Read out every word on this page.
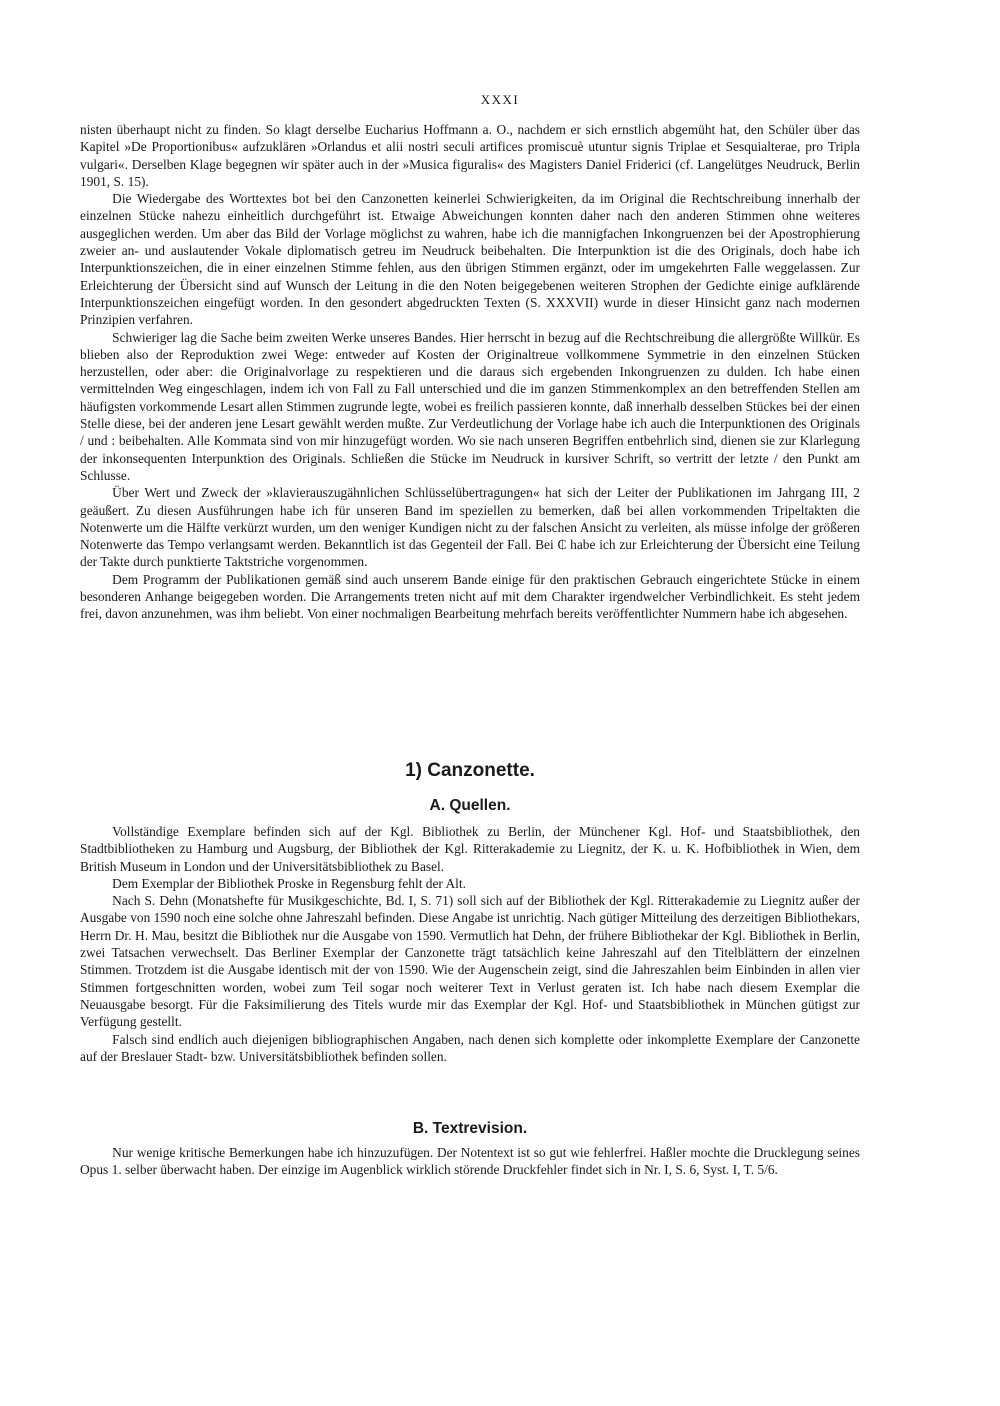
XXXI

nisten überhaupt nicht zu finden. So klagt derselbe Eucharius Hoffmann a. O., nachdem er sich ernstlich abgemüht hat, den Schüler über das Kapitel »De Proportionibus« aufzuklären »Orlandus et alii nostri seculi artifices promiscuè utuntur signis Triplae et Sesquialterae, pro Tripla vulgari«. Derselben Klage begegnen wir später auch in der »Musica figuralis« des Magisters Daniel Friderici (cf. Langelütges Neudruck, Berlin 1901, S. 15).

Die Wiedergabe des Worttextes bot bei den Canzonetten keinerlei Schwierigkeiten, da im Original die Rechtschreibung innerhalb der einzelnen Stücke nahezu einheitlich durchgeführt ist. Etwaige Abweichungen konnten daher nach den anderen Stimmen ohne weiteres ausgeglichen werden. Um aber das Bild der Vorlage möglichst zu wahren, habe ich die mannigfachen Inkongruenzen bei der Apostrophierung zweier an- und auslautender Vokale diplomatisch getreu im Neudruck beibehalten. Die Interpunktion ist die des Originals, doch habe ich Interpunktionszeichen, die in einer einzelnen Stimme fehlen, aus den übrigen Stimmen ergänzt, oder im umgekehrten Falle weggelassen. Zur Erleichterung der Übersicht sind auf Wunsch der Leitung in die den Noten beigegebenen weiteren Strophen der Gedichte einige aufklärende Interpunktionszeichen eingefügt worden. In den gesondert abgedruckten Texten (S. XXXVII) wurde in dieser Hinsicht ganz nach modernen Prinzipien verfahren.

Schwieriger lag die Sache beim zweiten Werke unseres Bandes. Hier herrscht in bezug auf die Rechtschreibung die allergrößte Willkür. Es blieben also der Reproduktion zwei Wege: entweder auf Kosten der Originaltreue vollkommene Symmetrie in den einzelnen Stücken herzustellen, oder aber: die Originalvorlage zu respektieren und die daraus sich ergebenden Inkongruenzen zu dulden. Ich habe einen vermittelnden Weg eingeschlagen, indem ich von Fall zu Fall unterschied und die im ganzen Stimmenkomplex an den betreffenden Stellen am häufigsten vorkommende Lesart allen Stimmen zugrunde legte, wobei es freilich passieren konnte, daß innerhalb desselben Stückes bei der einen Stelle diese, bei der anderen jene Lesart gewählt werden mußte. Zur Verdeutlichung der Vorlage habe ich auch die Interpunktionen des Originals / und : beibehalten. Alle Kommata sind von mir hinzugefügt worden. Wo sie nach unseren Begriffen entbehrlich sind, dienen sie zur Klarlegung der inkonsequenten Interpunktion des Originals. Schließen die Stücke im Neudruck in kursiver Schrift, so vertritt der letzte / den Punkt am Schlusse.

Über Wert und Zweck der »klavierauszugähnlichen Schlüsselübertragungen« hat sich der Leiter der Publikationen im Jahrgang III, 2 geäußert. Zu diesen Ausführungen habe ich für unseren Band im speziellen zu bemerken, daß bei allen vorkommenden Tripeltakten die Notenwerte um die Hälfte verkürzt wurden, um den weniger Kundigen nicht zu der falschen Ansicht zu verleiten, als müsse infolge der größeren Notenwerte das Tempo verlangsamt werden. Bekanntlich ist das Gegenteil der Fall. Bei ₵ habe ich zur Erleichterung der Übersicht eine Teilung der Takte durch punktierte Taktstriche vorgenommen.

Dem Programm der Publikationen gemäß sind auch unserem Bande einige für den praktischen Gebrauch eingerichtete Stücke in einem besonderen Anhange beigegeben worden. Die Arrangements treten nicht auf mit dem Charakter irgendwelcher Verbindlichkeit. Es steht jedem frei, davon anzunehmen, was ihm beliebt. Von einer nochmaligen Bearbeitung mehrfach bereits veröffentlichter Nummern habe ich abgesehen.

1) Canzonette.
A. Quellen.

Vollständige Exemplare befinden sich auf der Kgl. Bibliothek zu Berlin, der Münchener Kgl. Hof- und Staatsbibliothek, den Stadtbibliotheken zu Hamburg und Augsburg, der Bibliothek der Kgl. Ritterakademie zu Liegnitz, der K. u. K. Hofbibliothek in Wien, dem British Museum in London und der Universitätsbibliothek zu Basel.

Dem Exemplar der Bibliothek Proske in Regensburg fehlt der Alt.

Nach S. Dehn (Monatshefte für Musikgeschichte, Bd. I, S. 71) soll sich auf der Bibliothek der Kgl. Ritterakademie zu Liegnitz außer der Ausgabe von 1590 noch eine solche ohne Jahreszahl befinden. Diese Angabe ist unrichtig. Nach gütiger Mitteilung des derzeitigen Bibliothekars, Herrn Dr. H. Mau, besitzt die Bibliothek nur die Ausgabe von 1590. Vermutlich hat Dehn, der frühere Bibliothekar der Kgl. Bibliothek in Berlin, zwei Tatsachen verwechselt. Das Berliner Exemplar der Canzonette trägt tatsächlich keine Jahreszahl auf den Titelblättern der einzelnen Stimmen. Trotzdem ist die Ausgabe identisch mit der von 1590. Wie der Augenschein zeigt, sind die Jahreszahlen beim Einbinden in allen vier Stimmen fortgeschnitten worden, wobei zum Teil sogar noch weiterer Text in Verlust geraten ist. Ich habe nach diesem Exemplar die Neuausgabe besorgt. Für die Faksimilierung des Titels wurde mir das Exemplar der Kgl. Hof- und Staatsbibliothek in München gütigst zur Verfügung gestellt.

Falsch sind endlich auch diejenigen bibliographischen Angaben, nach denen sich komplette oder inkomplette Exemplare der Canzonette auf der Breslauer Stadt- bzw. Universitätsbibliothek befinden sollen.

B. Textrevision.

Nur wenige kritische Bemerkungen habe ich hinzuzufügen. Der Notentext ist so gut wie fehlerfrei. Haßler mochte die Drucklegung seines Opus 1. selber überwacht haben. Der einzige im Augenblick wirklich störende Druckfehler findet sich in Nr. I, S. 6, Syst. I, T. 5/6.
